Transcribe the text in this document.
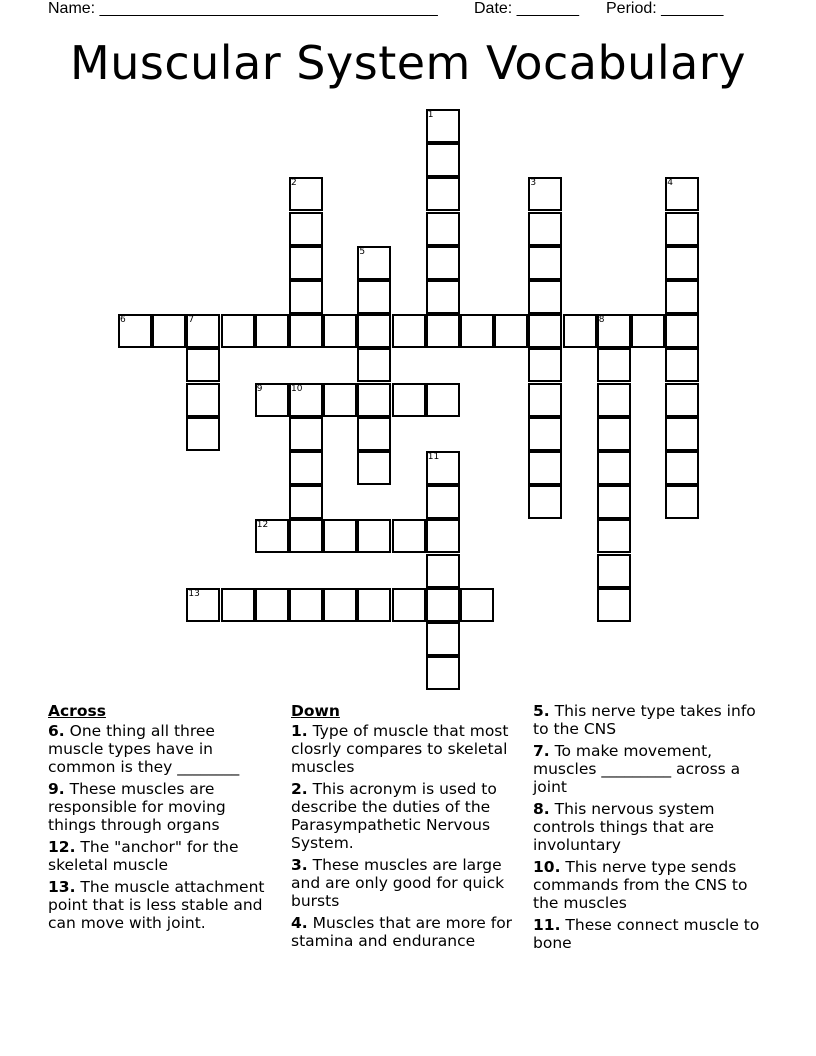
Name: ______________________________________ Date: _______ Period: _______
Muscular System Vocabulary
1
2	3	4
5
6	7	8
9	10
11
12
13
Across
6. One thing all three muscle types have in common is they ________
9. These muscles are responsible for moving things through organs
12. The "anchor" for the skeletal muscle
13. The muscle attachment point that is less stable and can move with joint.
Down
1. Type of muscle that most closrly compares to skeletal muscles
2. This acronym is used to describe the duties of the Parasympathetic Nervous System.
3. These muscles are large and are only good for quick bursts
4. Muscles that are more for stamina and endurance
5. This nerve type takes info to the CNS
7. To make movement, muscles _________ across a joint
8. This nervous system controls things that are involuntary
10. This nerve type sends commands from the CNS to the muscles
11. These connect muscle to bone
